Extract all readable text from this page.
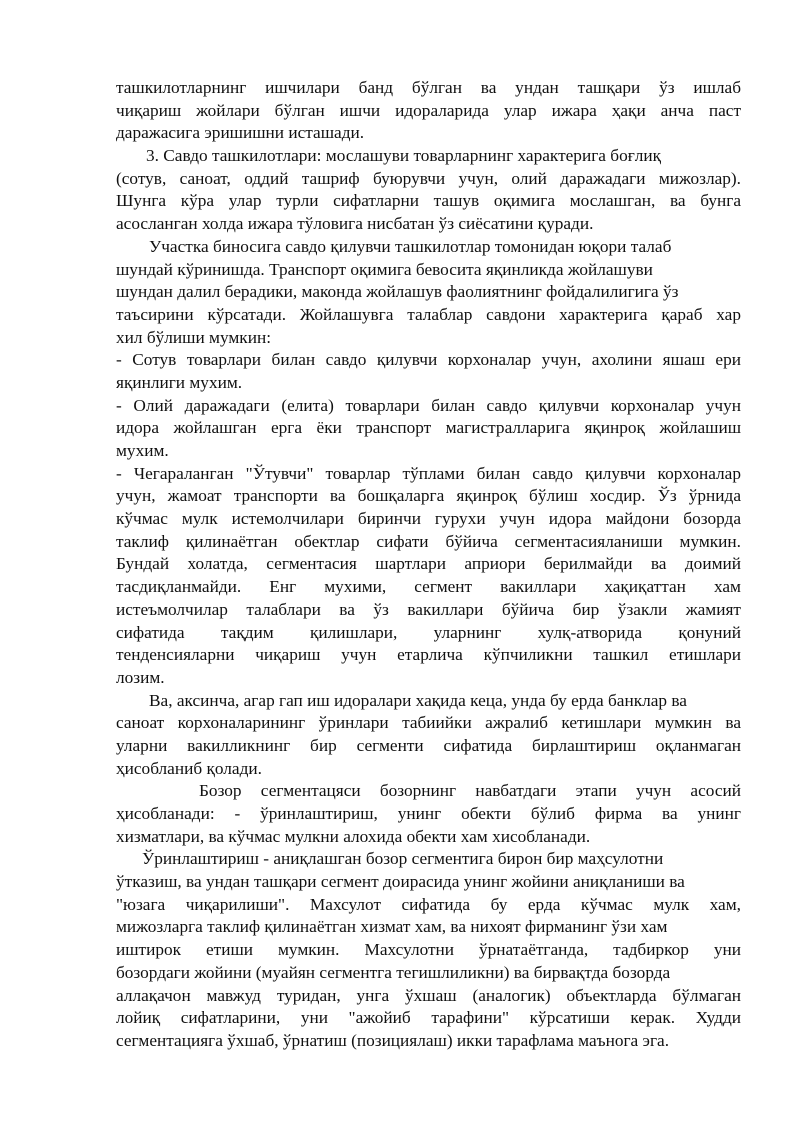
ташкилотларнинг ишчилари банд бўлган ва ундан ташқари ўз ишлаб
чиқариш жойлари бўлган ишчи идораларида улар ижара ҳақи анча паст
даражасига эришишни исташади.
3. Савдо ташкилотлари: мослашуви товарларнинг характерига боғлиқ
(сотув, саноат, оддий ташриф буюрувчи учун, олий даражадаги мижозлар).
Шунга кўра улар турли сифатларни ташув оқимига мослашган, ва бунга
асосланган холда ижара тўловига нисбатан ўз сиёсатини қуради.
Участка биносига савдо қилувчи ташкилотлар томонидан юқори талаб
шундай кўринишда. Транспорт оқимига бевосита яқинликда жойлашуви
шундан далил берадики, маконда жойлашув фаолиятнинг фойдалилигига ўз
таъсирини кўрсатади. Жойлашувга талаблар савдони характерига қараб хар
хил бўлиши мумкин:
- Сотув товарлари билан савдо қилувчи корхоналар учун, ахолини яшаш ери
яқинлиги мухим.
- Олий даражадаги (елита) товарлари билан савдо қилувчи корхоналар учун
идора жойлашган ерга ёки транспорт магистралларига яқинроқ жойлашиш
мухим.
- Чегараланган "Ўтувчи" товарлар тўплами билан савдо қилувчи корхоналар
учун, жамоат транспорти ва бошқаларга яқинроқ бўлиш хосдир. Ўз ўрнида
кўчмас мулк истемолчилари биринчи гурухи учун идора майдони бозорда
таклиф қилинаётган обектлар сифати бўйича сегментасияланиши мумкин.
Бундай холатда, сегментасия шартлари априори берилмайди ва доимий
тасдиқланмайди. Енг мухими, сегмент вакиллари хақиқаттан хам
истеъмолчилар талаблари ва ўз вакиллари бўйича бир ўзакли жамият
сифатида тақдим қилишлари, уларнинг хулқ-атворида қонуний
тенденсияларни чиқариш учун етарлича кўпчиликни ташкил етишлари
лозим.
Ва, аксинча, агар гап иш идоралари хақида кеца, унда бу ерда банклар ва
саноат корхоналарининг ўринлари табиийки ажралиб кетишлари мумкин ва
уларни вакилликнинг бир сегменти сифатида бирлаштириш оқланмаган
ҳисобланиб қолади.
Бозор сегментацяси бозорнинг навбатдаги этапи учун асосий
ҳисобланади: - ўринлаштириш, унинг обекти бўлиб фирма ва унинг
хизматлари, ва кўчмас мулкни алохида обекти хам хисобланади.
Ўринлаштириш - аниқлашган бозор сегментига бирон бир маҳсулотни
ўтказиш, ва ундан ташқари сегмент доирасида унинг жойини аниқланиши ва
"юзага чиқарилиши". Махсулот сифатида бу ерда кўчмас мулк хам,
мижозларга таклиф қилинаётган хизмат хам, ва нихоят фирманинг ўзи хам
иштирок етиши мумкин. Махсулотни ўрнатаётганда, тадбиркор уни
бозордаги жойини (муайян сегментга тегишлиликни) ва бирвақтда бозорда
аллақачон мавжуд туридан, унга ўхшаш (аналогик) объектларда бўлмаган
лойиқ сифатларини, уни "ажойиб тарафини" кўрсатиши керак. Худди
сегментацияга ўхшаб, ўрнатиш (позициялаш) икки тарафлама маънога эга.
